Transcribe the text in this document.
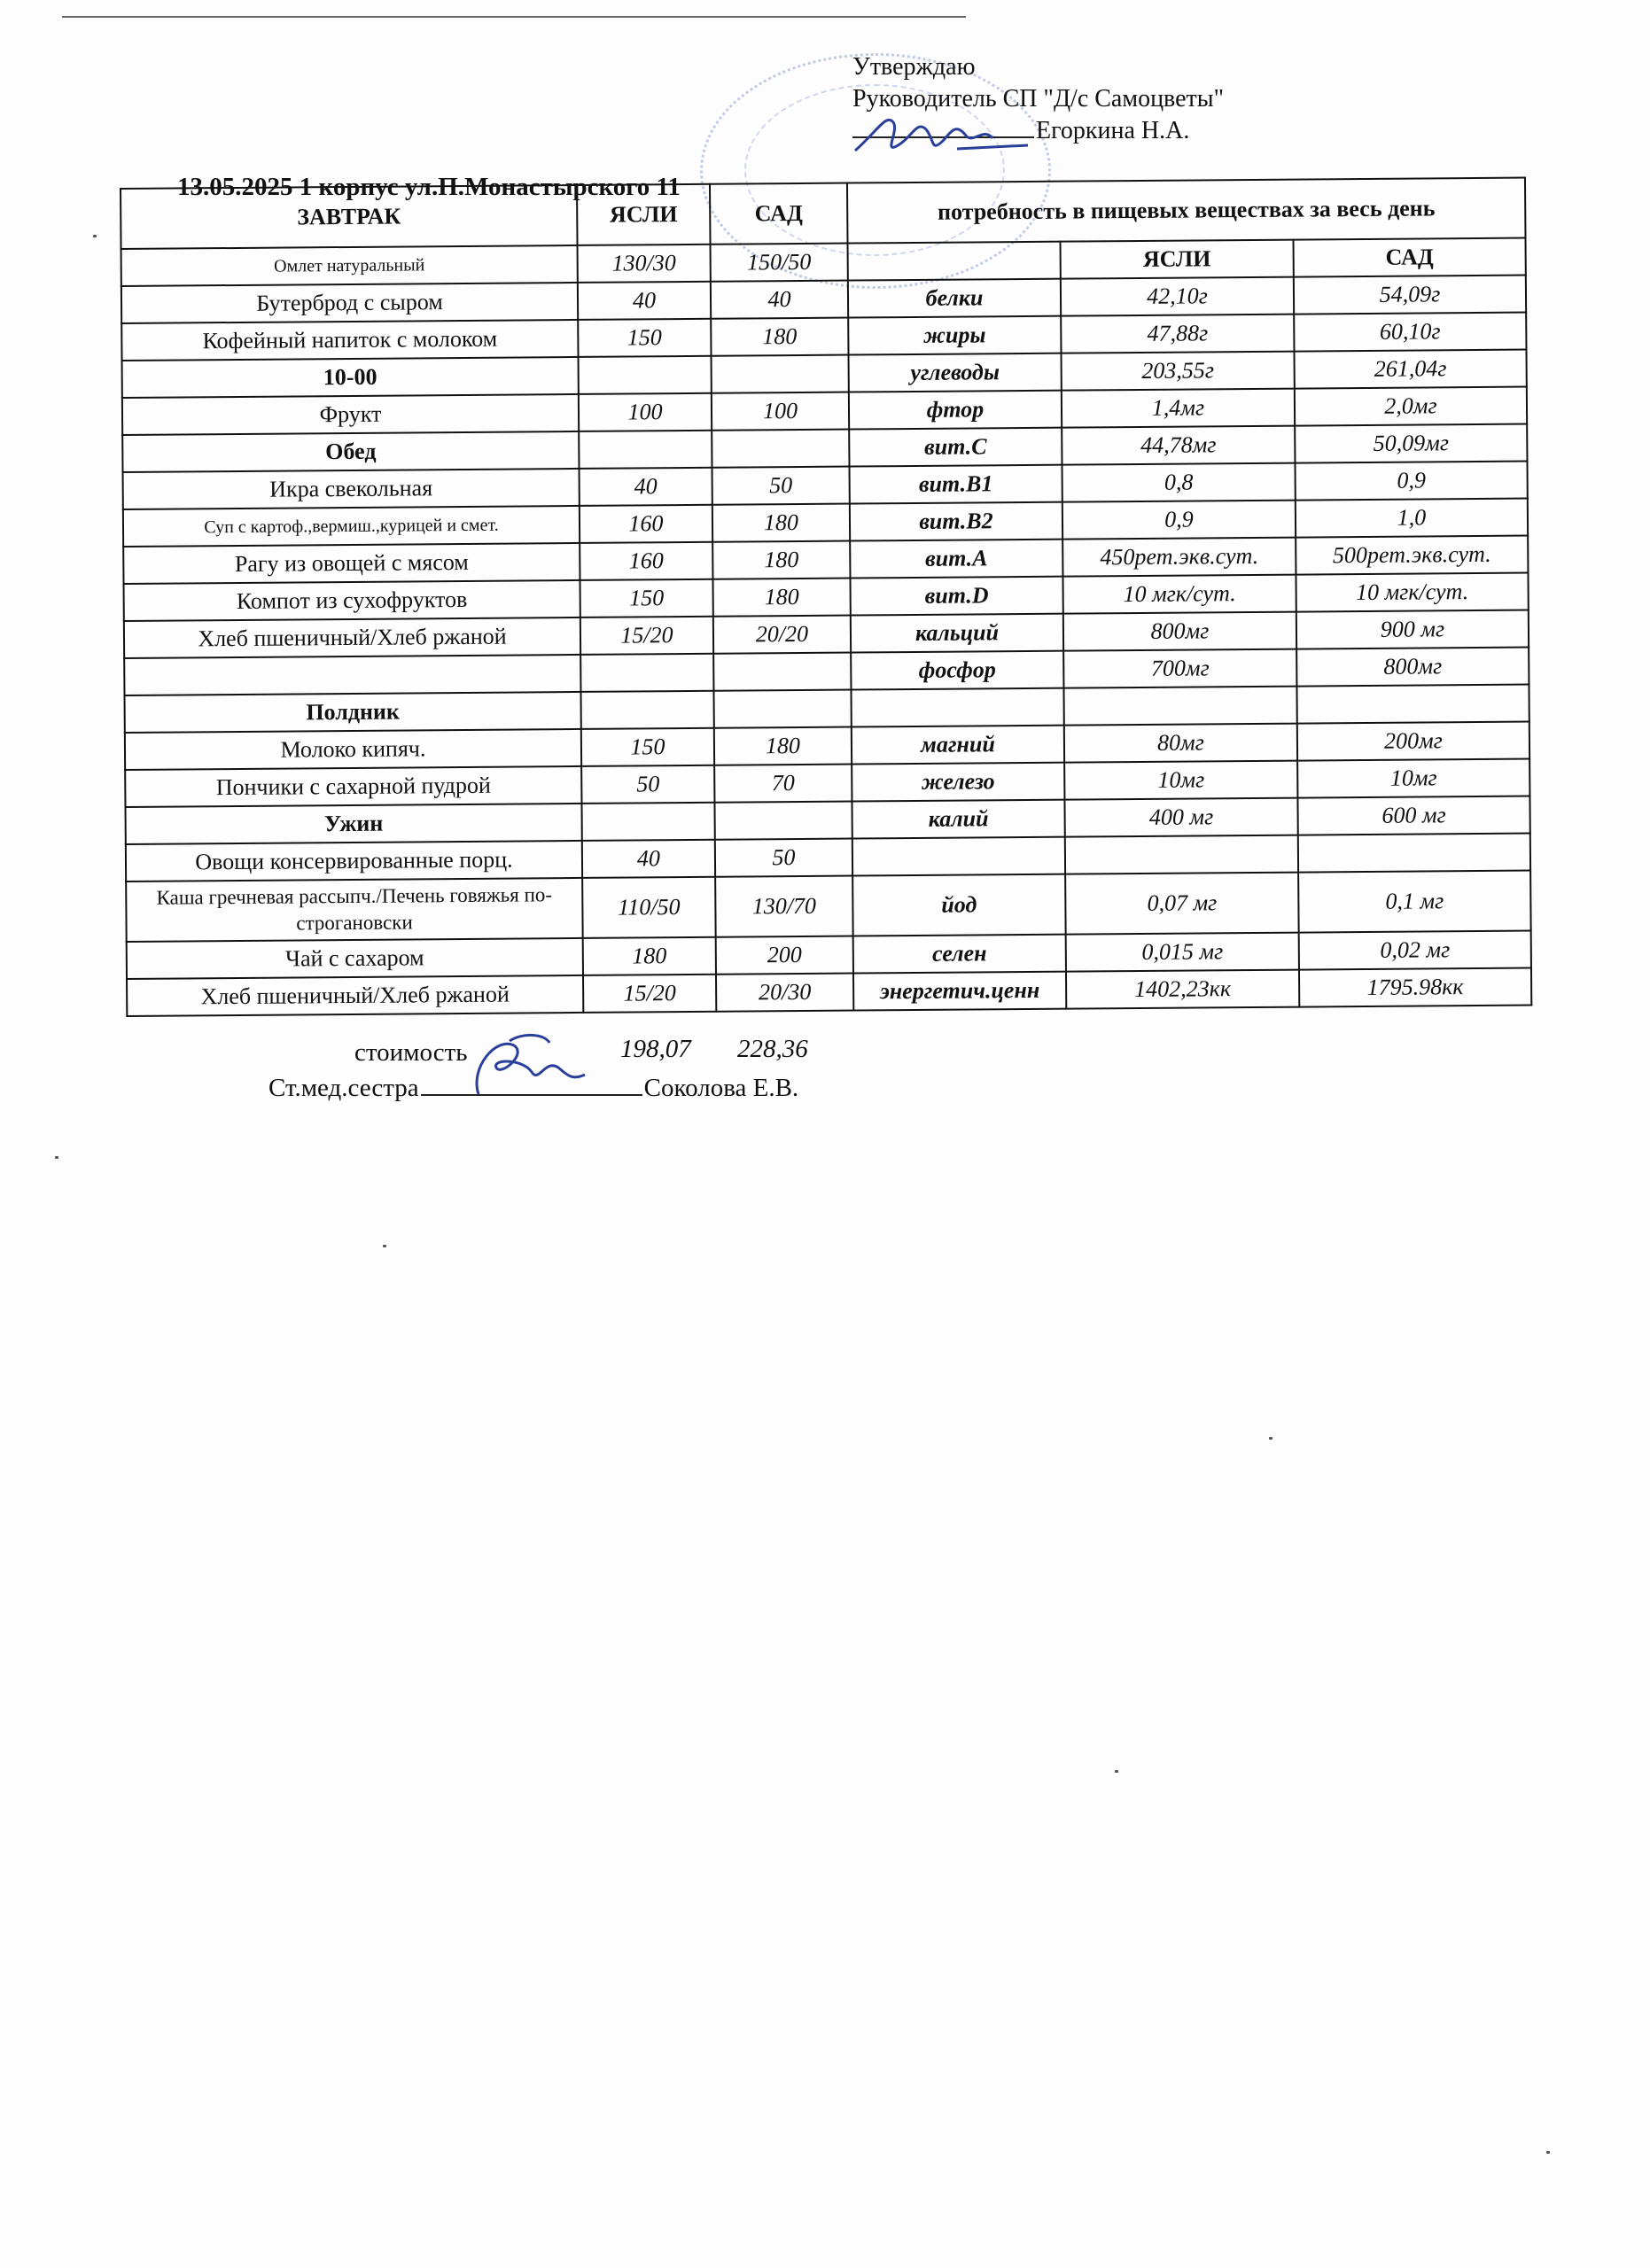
Утверждаю
Руководитель СП "Д/с Самоцветы"
Егоркина Н.А.
13.05.2025 1 корпус ул.П.Монастырского 11
ЗАВТРАК	ЯСЛИ	САД	потребность в пищевых веществах за весь день		
Омлет натуральный	130/30	150/50		ЯСЛИ	САД
Бутерброд с сыром	40	40	белки	42,10г	54,09г
Кофейный напиток с молоком	150	180	жиры	47,88г	60,10г
10-00			углеводы	203,55г	261,04г
Фрукт	100	100	фтор	1,4мг	2,0мг
Обед			вит.С	44,78мг	50,09мг
Икра свекольная	40	50	вит.В1	0,8	0,9
Суп с картоф.,вермиш.,курицей и смет.	160	180	вит.В2	0,9	1,0
Рагу из овощей с мясом	160	180	вит.А	450рет.экв.сут.	500рет.экв.сут.
Компот из сухофруктов	150	180	вит.D	10 мгк/сут.	10 мгк/сут.
Хлеб пшеничный/Хлеб ржаной	15/20	20/20	кальций	800мг	900 мг
			фосфор	700мг	800мг
Полдник					
Молоко кипяч.	150	180	магний	80мг	200мг
Пончики с сахарной пудрой	50	70	железо	10мг	10мг
Ужин			калий	400 мг	600 мг
Овощи консервированные порц.	40	50			
Каша гречневая рассыпч./Печень говяжья по-строгановски	110/50	130/70	йод	0,07 мг	0,1 мг
Чай с сахаром	180	200	селен	0,015 мг	0,02 мг
Хлеб пшеничный/Хлеб ржаной	15/20	20/30	энергетич.ценн	1402,23кк	1795.98кк
стоимость	198,07 228,36
Ст.мед.сестра	Соколова Е.В.
